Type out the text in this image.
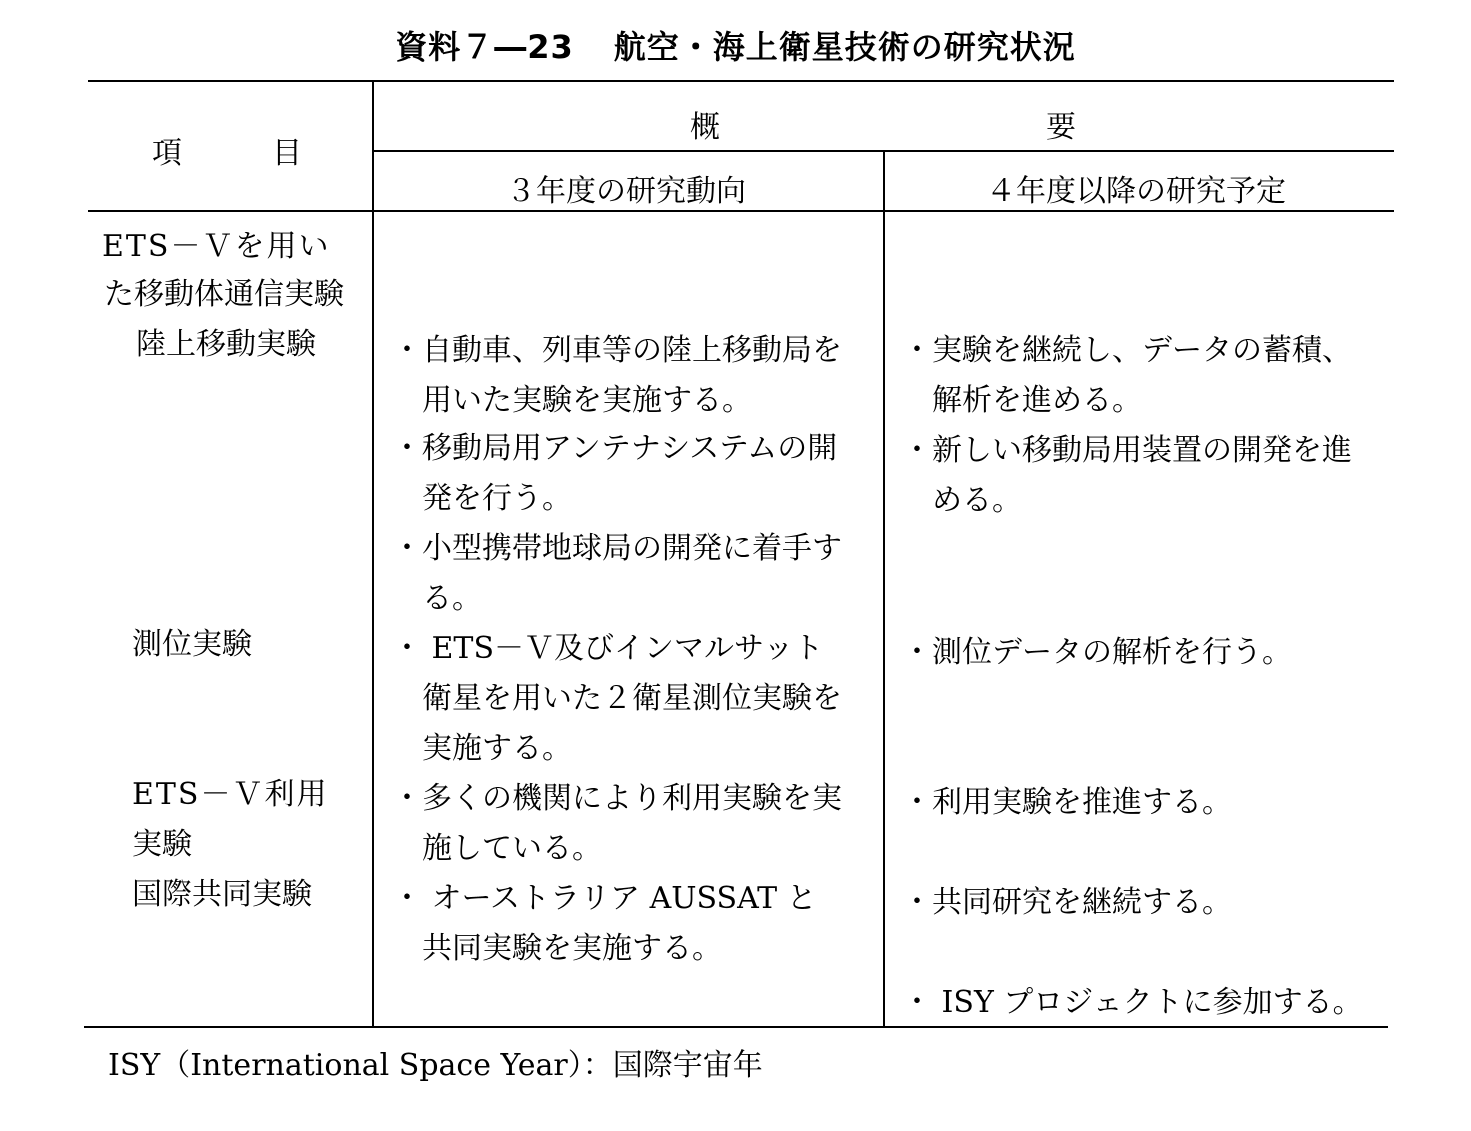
資料７―23 航空・海上衛星技術の研究状況
項　　　目
概	要
３年度の研究動向	４年度以降の研究予定
ETS－Ｖを用い
た移動体通信実験
陸上移動実験
測位実験
ETS－Ｖ利用
実験
国際共同実験
・自動車、列車等の陸上移動局を
用いた実験を実施する。
・移動局用アンテナシステムの開
発を行う。
・小型携帯地球局の開発に着手す
る。
・ ETS－Ｖ及びインマルサット
衛星を用いた２衛星測位実験を
実施する。
・多くの機関により利用実験を実
施している。
・ オーストラリア AUSSAT と
共同実験を実施する。
・実験を継続し、データの蓄積、
解析を進める。
・新しい移動局用装置の開発を進
める。
・測位データの解析を行う。
・利用実験を推進する。
・共同研究を継続する。
・ ISY プロジェクトに参加する。
ISY（International Space Year）：国際宇宙年
